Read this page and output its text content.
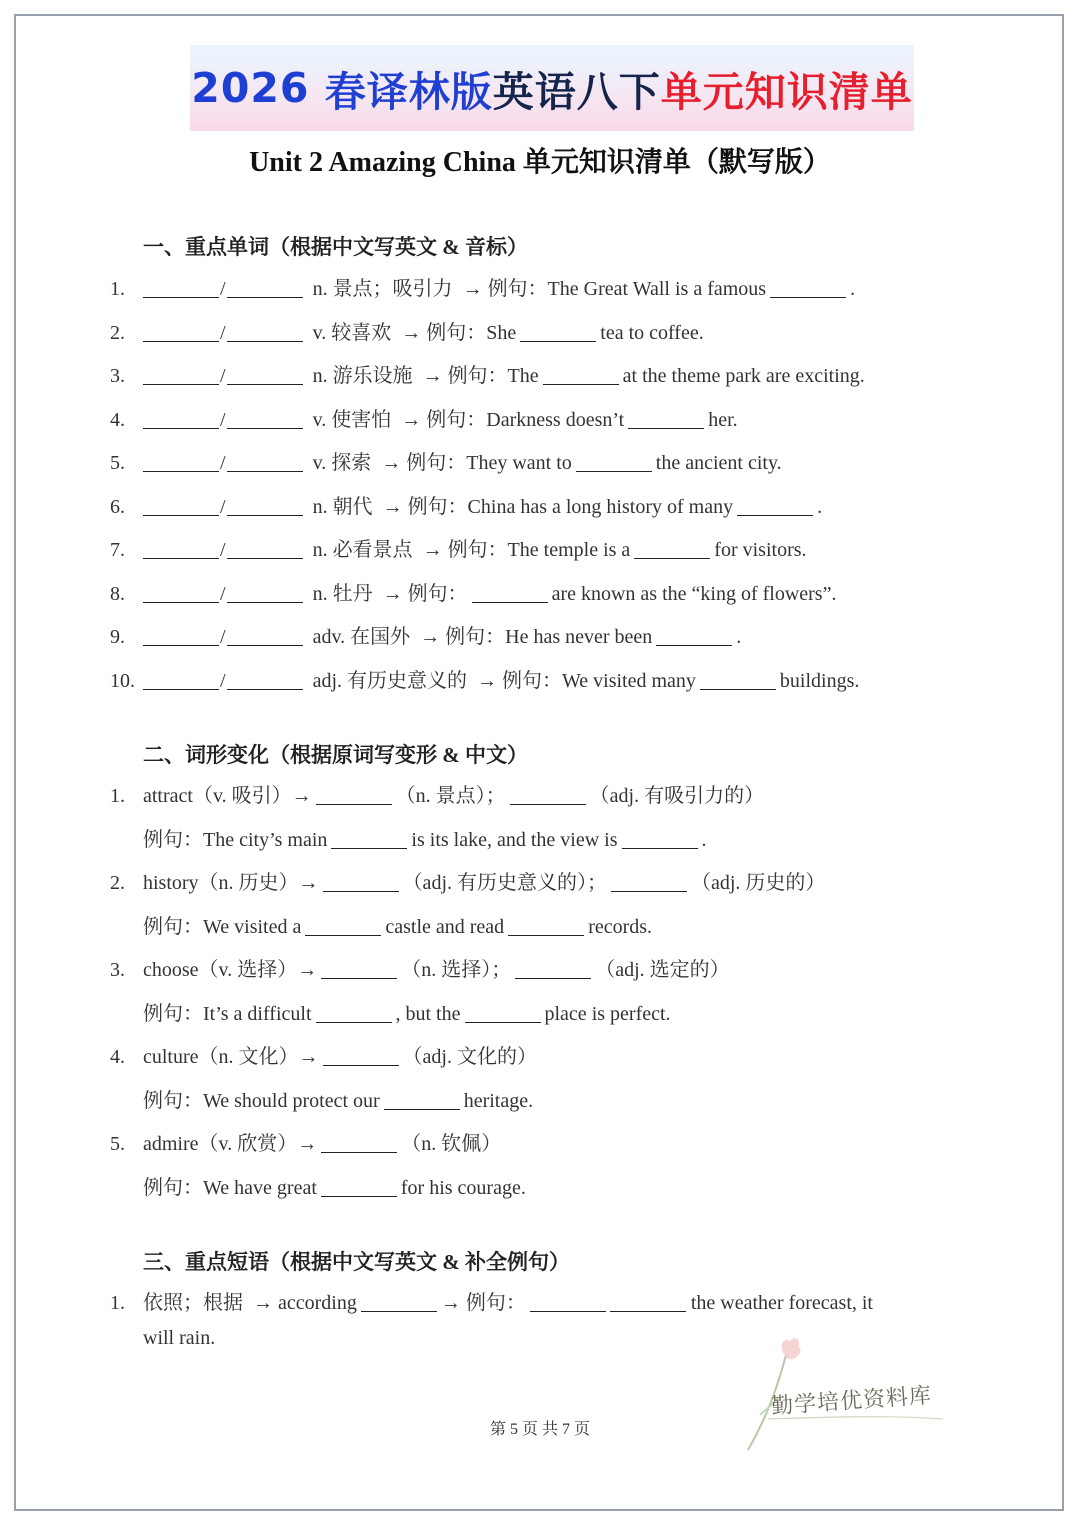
2026
春译林版 英语八下 单元知识清单
Unit 2 Amazing China 单元知识清单（默写版）
一、重点单词（根据中文写英文 & 音标）
1.	/	n. 景点；吸引力 → 例句：The Great Wall is a famous	.
2.	/	v. 较喜欢 → 例句：She	tea to coffee.
3.	/	n. 游乐设施 → 例句：The	at the theme park are exciting.
4.	/	v. 使害怕 → 例句：Darkness doesn’t	her.
5.	/	v. 探索 → 例句：They want to	the ancient city.
6.	/	n. 朝代 → 例句：China has a long history of many	.
7.	/	n. 必看景点 → 例句：The temple is a	for visitors.
8.	/	n. 牡丹 → 例句：	are known as the “king of flowers”.
9.	/	adv. 在国外 → 例句：He has never been	.
10.	/	adj. 有历史意义的 → 例句：We visited many	buildings.
二、词形变化（根据原词写变形 & 中文）
1. attract（v. 吸引）→	（n. 景点）；	（adj. 有吸引力的）
例句：The city’s main	is its lake, and the view is	.
2. history（n. 历史）→	（adj. 有历史意义的）；	（adj. 历史的）
例句：We visited a	castle and read	records.
3. choose（v. 选择）→	（n. 选择）；	（adj. 选定的）
例句：It’s a difficult	, but the	place is perfect.
4. culture（n. 文化）→	（adj. 文化的）
例句：We should protect our	heritage.
5. admire（v. 欣赏）→	（n. 钦佩）
例句：We have great	for his courage.
三、重点短语（根据中文写英文 & 补全例句）
1. 依照；根据 → according	→ 例句：	the weather forecast, it
will rain.
勤学培优资料库
第 5 页 共 7 页
